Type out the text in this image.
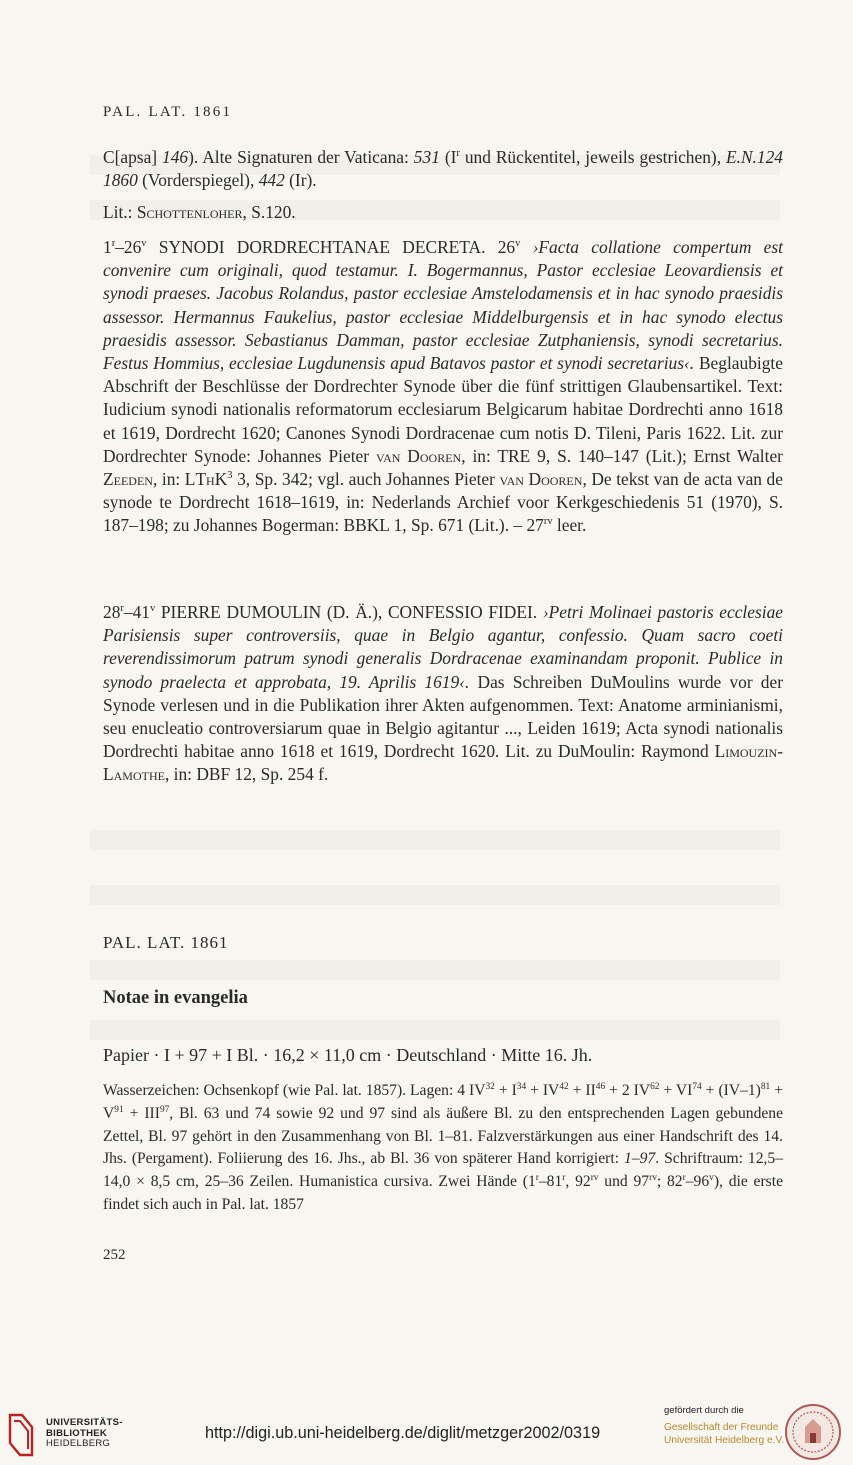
PAL. LAT. 1861

C[apsa] 146). Alte Signaturen der Vaticana: 531 ($I^r$ und Rückentitel, jeweils gestrichen), E.N.124 1860 (Vorderspiegel), 442 (Ir).

Lit.: Schottenloher, S.120.

1$^r$–26$^v$ SYNODI DORDRECHTANAE DECRETA. 26$^v$ ›Facta collatione compertum est convenire cum originali, quod testamur. I. Bogermannus, Pastor ecclesiae Leovardiensis et synodi praeses. Jacobus Rolandus, pastor ecclesiae Amstelodamensis et in hac synodo praesidis assessor. Hermannus Faukelius, pastor ecclesiae Middelburgensis et in hac synodo electus praesidis assessor. Sebastianus Damman, pastor ecclesiae Zutphaniensis, synodi secretarius. Festus Hommius, ecclesiae Lugdunensis apud Batavos pastor et synodi secretarius‹. Beglaubigte Abschrift der Beschlüsse der Dordrechter Synode über die fünf strittigen Glaubensartikel. Text: Iudicium synodi nationalis reformatorum ecclesiarum Belgicarum habitae Dordrechti anno 1618 et 1619, Dordrecht 1620; Canones Synodi Dordracenae cum notis D. Tileni, Paris 1622. Lit. zur Dordrechter Synode: Johannes Pieter van Dooren, in: TRE 9, S. 140–147 (Lit.); Ernst Walter Zeeden, in: LThK$^3$ 3, Sp. 342; vgl. auch Johannes Pieter van Dooren, De tekst van de acta van de synode te Dordrecht 1618–1619, in: Nederlands Archief voor Kerkgeschiedenis 51 (1970), S. 187–198; zu Johannes Bogerman: BBKL 1, Sp. 671 (Lit.). – $27^{rv}$ leer.

28$^r$–41$^v$ PIERRE DUMOULIN (D. Ä.), CONFESSIO FIDEI. ›Petri Molinaei pastoris ecclesiae Parisiensis super controversiis, quae in Belgio agantur, confessio. Quam sacro coeti reverendissimorum patrum synodi generalis Dordracenae examinandam proponit. Publice in synodo praelecta et approbata, 19. Aprilis 1619‹. Das Schreiben DuMoulins wurde vor der Synode verlesen und in die Publikation ihrer Akten aufgenommen. Text: Anatome arminianismi, seu enucleatio controversiarum quae in Belgio agitantur ..., Leiden 1619; Acta synodi nationalis Dordrechti habitae anno 1618 et 1619, Dordrecht 1620. Lit. zu DuMoulin: Raymond Limouzin-Lamothe, in: DBF 12, Sp. 254 f.

PAL. LAT. 1861
Notae in evangelia
Papier · I + 97 + I Bl. · 16,2 × 11,0 cm · Deutschland · Mitte 16. Jh.

Wasserzeichen: Ochsenkopf (wie Pal. lat. 1857). Lagen: 4 $IV^{32} + I^{34} + IV^{42} + II^{46} + 2$ $IV^{62} + VI^{74} + (IV-1)^{81} + V^{91} + III^{97}$, Bl. 63 und 74 sowie 92 und 97 sind als äußere Bl. zu den entsprechenden Lagen gebundene Zettel, Bl. 97 gehört in den Zusammenhang von Bl. 1–81. Falzverstärkungen aus einer Handschrift des 14. Jhs. (Pergament). Foliierung des 16. Jhs., ab Bl. 36 von späterer Hand korrigiert: 1–97. Schriftraum: 12,5–14,0 × 8,5 cm, 25–36 Zeilen. Humanistica cursiva. Zwei Hände (1$^r$–81$^r$, $92^{rv}$ und $97^{rv}$; 82$^r$–96$^v$), die erste findet sich auch in Pal. lat. 1857

252
UNIVERSITÄTS-
BIBLIOTHEK
HEIDELBERG
http://digi.ub.uni-heidelberg.de/diglit/metzger2002/0319
gefördert durch die
Gesellschaft der Freunde
Universität Heidelberg e.V.
